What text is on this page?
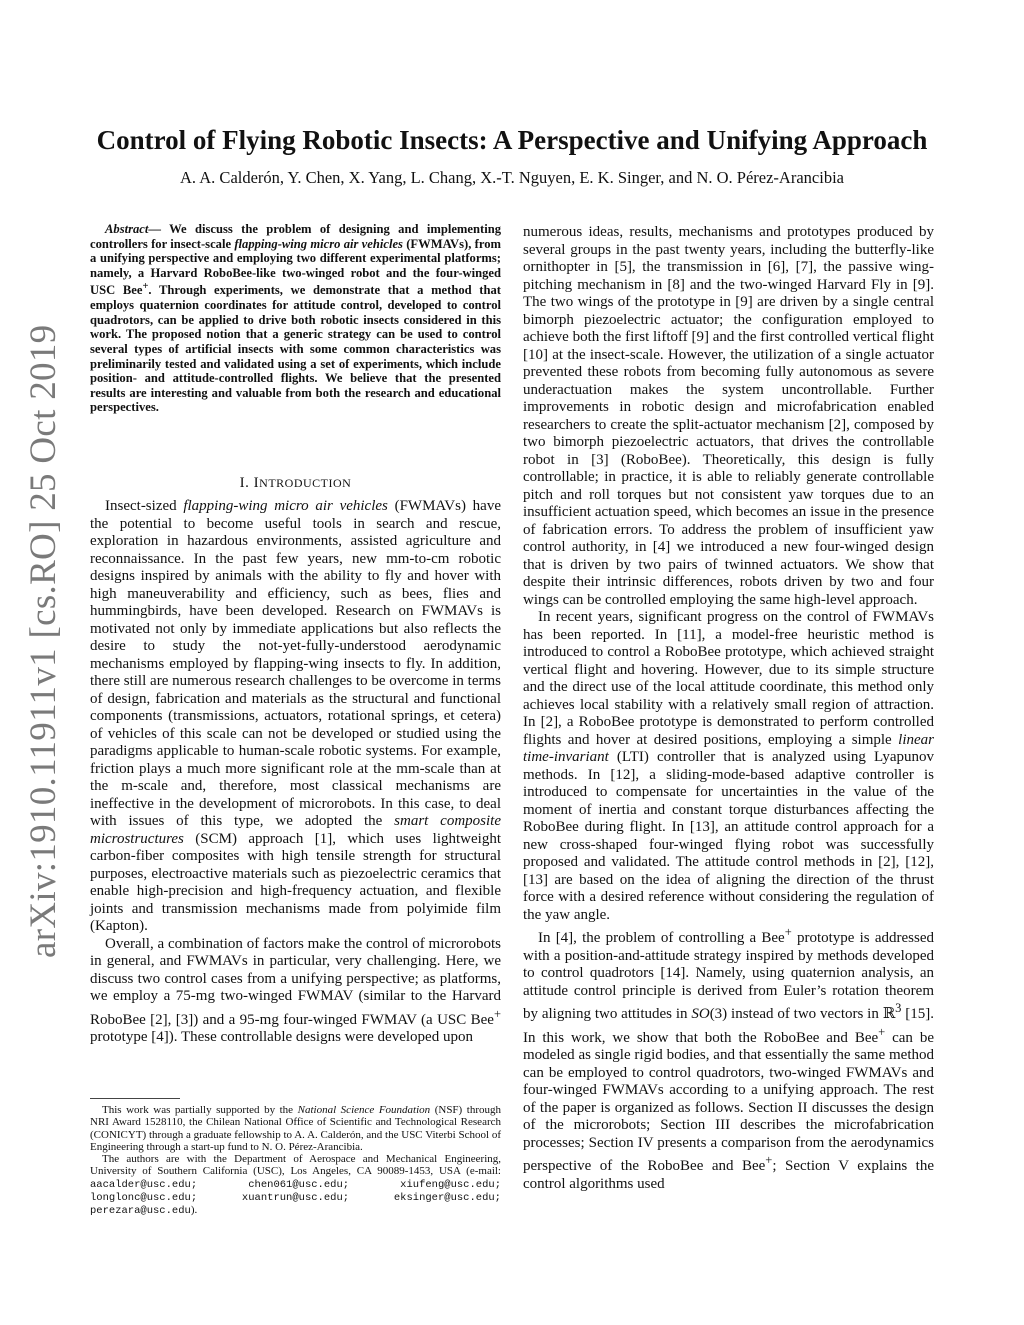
arXiv:1910.11911v1 [cs.RO] 25 Oct 2019
Control of Flying Robotic Insects: A Perspective and Unifying Approach
A. A. Calderón, Y. Chen, X. Yang, L. Chang, X.-T. Nguyen, E. K. Singer, and N. O. Pérez-Arancibia
Abstract— We discuss the problem of designing and implementing controllers for insect-scale flapping-wing micro air vehicles (FWMAVs), from a unifying perspective and employing two different experimental platforms; namely, a Harvard RoboBee-like two-winged robot and the four-winged USC Bee+. Through experiments, we demonstrate that a method that employs quaternion coordinates for attitude control, developed to control quadrotors, can be applied to drive both robotic insects considered in this work. The proposed notion that a generic strategy can be used to control several types of artificial insects with some common characteristics was preliminarily tested and validated using a set of experiments, which include position- and attitude-controlled flights. We believe that the presented results are interesting and valuable from both the research and educational perspectives.
I. INTRODUCTION

Insect-sized flapping-wing micro air vehicles (FWMAVs) have the potential to become useful tools in search and rescue, exploration in hazardous environments, assisted agriculture and reconnaissance. In the past few years, new mm-to-cm robotic designs inspired by animals with the ability to fly and hover with high maneuverability and efficiency, such as bees, flies and hummingbirds, have been developed. Research on FWMAVs is motivated not only by immediate applications but also reflects the desire to study the not-yet-fully-understood aerodynamic mechanisms employed by flapping-wing insects to fly. In addition, there still are numerous research challenges to be overcome in terms of design, fabrication and materials as the structural and functional components (transmissions, actuators, rotational springs, et cetera) of vehicles of this scale can not be developed or studied using the paradigms applicable to human-scale robotic systems. For example, friction plays a much more significant role at the mm-scale than at the m-scale and, therefore, most classical mechanisms are ineffective in the development of microrobots. In this case, to deal with issues of this type, we adopted the smart composite microstructures (SCM) approach [1], which uses lightweight carbon-fiber composites with high tensile strength for structural purposes, electroactive materials such as piezoelectric ceramics that enable high-precision and high-frequency actuation, and flexible joints and transmission mechanisms made from polyimide film (Kapton).

Overall, a combination of factors make the control of microrobots in general, and FWMAVs in particular, very challenging. Here, we discuss two control cases from a unifying perspective; as platforms, we employ a 75-mg two-winged FWMAV (similar to the Harvard RoboBee [2], [3]) and a 95-mg four-winged FWMAV (a USC Bee+ prototype [4]). These controllable designs were developed upon

This work was partially supported by the National Science Foundation (NSF) through NRI Award 1528110, the Chilean National Office of Scientific and Technological Research (CONICYT) through a graduate fellowship to A. A. Calderón, and the USC Viterbi School of Engineering through a start-up fund to N. O. Pérez-Arancibia.

The authors are with the Department of Aerospace and Mechanical Engineering, University of Southern California (USC), Los Angeles, CA 90089-1453, USA (e-mail: aacalder@usc.edu; chen061@usc.edu; xiufeng@usc.edu; longlonc@usc.edu; xuantrun@usc.edu; eksinger@usc.edu; perezara@usc.edu).

numerous ideas, results, mechanisms and prototypes produced by several groups in the past twenty years, including the butterfly-like ornithopter in [5], the transmission in [6], [7], the passive wing-pitching mechanism in [8] and the two-winged Harvard Fly in [9]. The two wings of the prototype in [9] are driven by a single central bimorph piezoelectric actuator; the configuration employed to achieve both the first liftoff [9] and the first controlled vertical flight [10] at the insect-scale. However, the utilization of a single actuator prevented these robots from becoming fully autonomous as severe underactuation makes the system uncontrollable. Further improvements in robotic design and microfabrication enabled researchers to create the split-actuator mechanism [2], composed by two bimorph piezoelectric actuators, that drives the controllable robot in [3] (RoboBee). Theoretically, this design is fully controllable; in practice, it is able to reliably generate controllable pitch and roll torques but not consistent yaw torques due to an insufficient actuation speed, which becomes an issue in the presence of fabrication errors. To address the problem of insufficient yaw control authority, in [4] we introduced a new four-winged design that is driven by two pairs of twinned actuators. We show that despite their intrinsic differences, robots driven by two and four wings can be controlled employing the same high-level approach.

In recent years, significant progress on the control of FWMAVs has been reported. In [11], a model-free heuristic method is introduced to control a RoboBee prototype, which achieved straight vertical flight and hovering. However, due to its simple structure and the direct use of the local attitude coordinate, this method only achieves local stability with a relatively small region of attraction. In [2], a RoboBee prototype is demonstrated to perform controlled flights and hover at desired positions, employing a simple linear time-invariant (LTI) controller that is analyzed using Lyapunov methods. In [12], a sliding-mode-based adaptive controller is introduced to compensate for uncertainties in the value of the moment of inertia and constant torque disturbances affecting the RoboBee during flight. In [13], an attitude control approach for a new cross-shaped four-winged flying robot was successfully proposed and validated. The attitude control methods in [2], [12], [13] are based on the idea of aligning the direction of the thrust force with a desired reference without considering the regulation of the yaw angle.

In [4], the problem of controlling a Bee+ prototype is addressed with a position-and-attitude strategy inspired by methods developed to control quadrotors [14]. Namely, using quaternion analysis, an attitude control principle is derived from Euler’s rotation theorem by aligning two attitudes in SO(3) instead of two vectors in ℝ$^3$ [15]. In this work, we show that both the RoboBee and Bee+ can be modeled as single rigid bodies, and that essentially the same method can be employed to control quadrotors, two-winged FWMAVs and four-winged FWMAVs according to a unifying approach. The rest of the paper is organized as follows. Section II discusses the design of the microrobots; Section III describes the microfabrication processes; Section IV presents a comparison from the aerodynamics perspective of the RoboBee and Bee+; Section V explains the control algorithms used
